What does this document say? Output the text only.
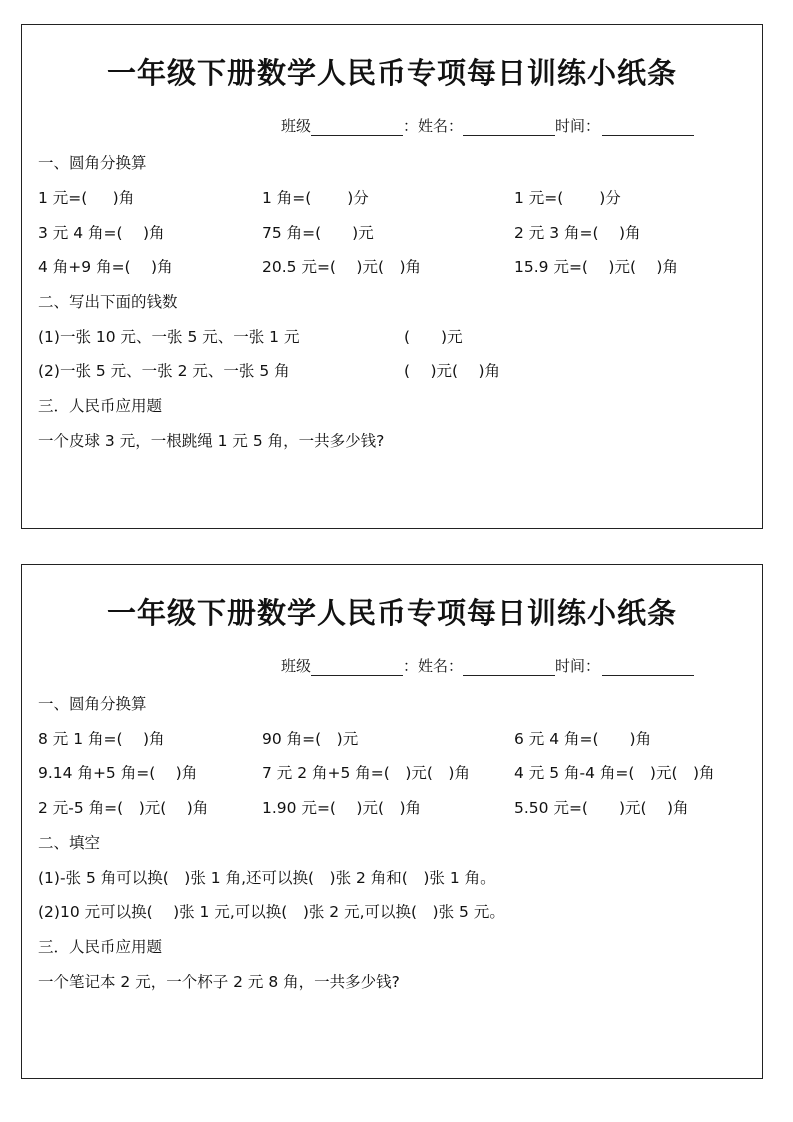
一年级下册数学人民币专项每日训练小纸条
班级	：姓名：	时间：
一、圆角分换算

1 元=(　  )角

	1 角=(　　 )分

	1 元=(　　 )分

3 元 4 角=(　 )角

	75 角=(　　)元

	2 元 3 角=(　 )角

4 角+9 角=(　 )角

	20.5 元=(　 )元(　)角

	15.9 元=(　 )元(　 )角

二、写出下面的钱数

(1)一张 10 元、一张 5 元、一张 1 元

	(　　)元

(2)一张 5 元、一张 2 元、一张 5 角

	(　 )元(　 )角

三．人民币应用题
一个皮球 3 元，一根跳绳 1 元 5 角，一共多少钱?
一年级下册数学人民币专项每日训练小纸条
班级	：姓名：	时间：
一、圆角分换算

8 元 1 角=(　 )角

	90 角=(　)元

	6 元 4 角=(　　)角

9.14 角+5 角=(　 )角

	7 元 2 角+5 角=(　)元(　)角

	4 元 5 角-4 角=(　)元(　)角

2 元-5 角=(　)元(　 )角

	1.90 元=(　 )元(　)角

	5.50 元=(　　)元(　 )角

二、填空
(1)-张 5 角可以换(　)张 1 角,还可以换(　)张 2 角和(　)张 1 角。
(2)10 元可以换(　 )张 1 元,可以换(　)张 2 元,可以换(　)张 5 元。
三．人民币应用题
一个笔记本 2 元，一个杯子 2 元 8 角，一共多少钱?
